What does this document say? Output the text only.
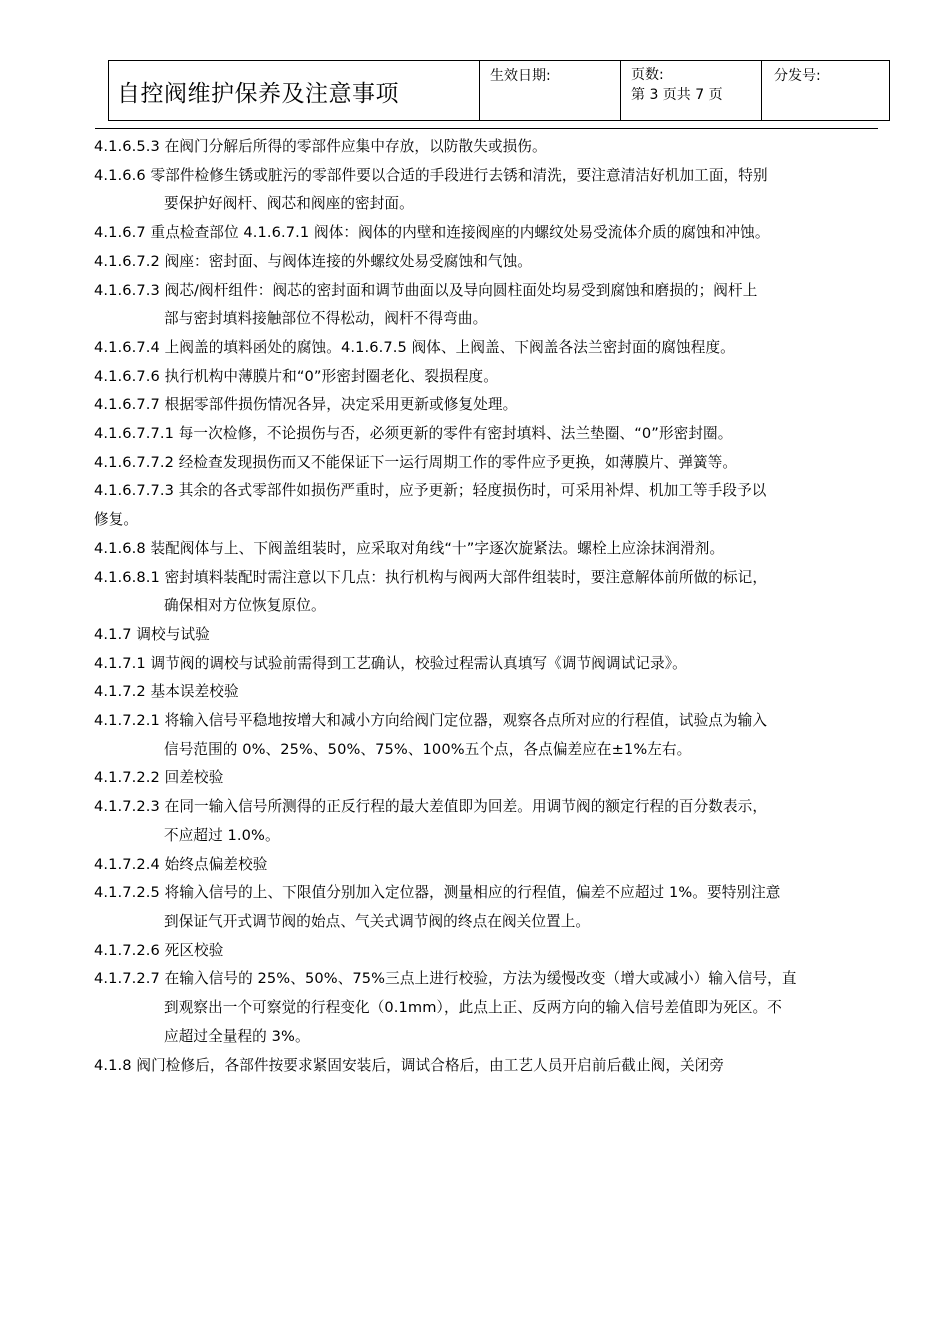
自控阀维护保养及注意事项	生效日期:	页数:
第 3 页共 7 页
	分发号:
4.1.6.5.3 在阀门分解后所得的零部件应集中存放，以防散失或损伤。
4.1.6.6 零部件检修生锈或脏污的零部件要以合适的手段进行去锈和清洗，要注意清洁好机加工面，特别
要保护好阀杆、阀芯和阀座的密封面。
4.1.6.7 重点检查部位 4.1.6.7.1 阀体：阀体的内壁和连接阀座的内螺纹处易受流体介质的腐蚀和冲蚀。
4.1.6.7.2 阀座：密封面、与阀体连接的外螺纹处易受腐蚀和气蚀。
4.1.6.7.3 阀芯/阀杆组件：阀芯的密封面和调节曲面以及导向圆柱面处均易受到腐蚀和磨损的；阀杆上
部与密封填料接触部位不得松动，阀杆不得弯曲。
4.1.6.7.4 上阀盖的填料函处的腐蚀。4.1.6.7.5 阀体、上阀盖、下阀盖各法兰密封面的腐蚀程度。
4.1.6.7.6 执行机构中薄膜片和“0”形密封圈老化、裂损程度。
4.1.6.7.7 根据零部件损伤情况各异，决定采用更新或修复处理。
4.1.6.7.7.1 每一次检修，不论损伤与否，必须更新的零件有密封填料、法兰垫圈、“0”形密封圈。
4.1.6.7.7.2 经检查发现损伤而又不能保证下一运行周期工作的零件应予更换，如薄膜片、弹簧等。
4.1.6.7.7.3 其余的各式零部件如损伤严重时，应予更新；轻度损伤时，可采用补焊、机加工等手段予以
修复。
4.1.6.8 装配阀体与上、下阀盖组装时，应采取对角线“十”字逐次旋紧法。螺栓上应涂抹润滑剂。
4.1.6.8.1 密封填料装配时需注意以下几点：执行机构与阀两大部件组装时，要注意解体前所做的标记，
确保相对方位恢复原位。
4.1.7 调校与试验
4.1.7.1 调节阀的调校与试验前需得到工艺确认，校验过程需认真填写《调节阀调试记录》。
4.1.7.2 基本误差校验
4.1.7.2.1 将输入信号平稳地按增大和减小方向给阀门定位器，观察各点所对应的行程值，试验点为输入
信号范围的 0%、25%、50%、75%、100%五个点，各点偏差应在±1%左右。
4.1.7.2.2 回差校验
4.1.7.2.3 在同一输入信号所测得的正反行程的最大差值即为回差。用调节阀的额定行程的百分数表示，
不应超过 1.0%。
4.1.7.2.4 始终点偏差校验
4.1.7.2.5 将输入信号的上、下限值分别加入定位器，测量相应的行程值，偏差不应超过 1%。要特别注意
到保证气开式调节阀的始点、气关式调节阀的终点在阀关位置上。
4.1.7.2.6 死区校验
4.1.7.2.7 在输入信号的 25%、50%、75%三点上进行校验，方法为缓慢改变（增大或减小）输入信号，直
到观察出一个可察觉的行程变化（0.1mm），此点上正、反两方向的输入信号差值即为死区。不
应超过全量程的 3%。
4.1.8 阀门检修后，各部件按要求紧固安装后，调试合格后，由工艺人员开启前后截止阀，关闭旁
